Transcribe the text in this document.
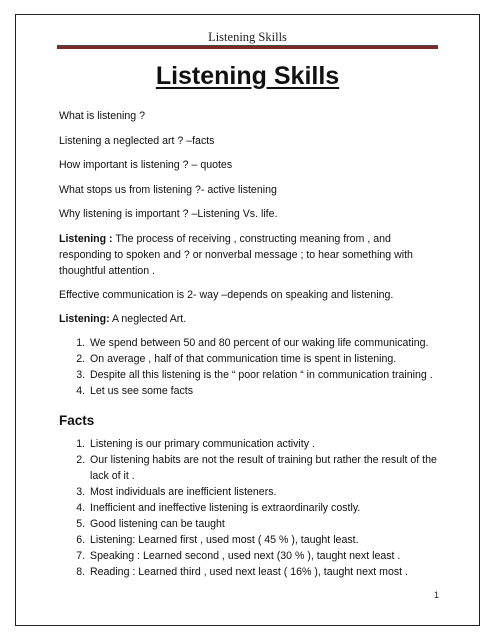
Listening Skills
Listening Skills

What is listening ?

Listening a neglected art ? –facts

How important is listening ? – quotes

What stops us from listening ?- active listening

Why listening is important ? –Listening Vs. life.

Listening : The process of receiving , constructing meaning from , and responding to spoken and ? or nonverbal message ; to hear something with thoughtful attention .

Effective communication is 2- way –depends on speaking and listening.

Listening: A neglected Art.

1. We spend between 50 and 80 percent of our waking life communicating.
2. On average , half of that communication time is spent in listening.
3. Despite all this listening is the “ poor relation “ in communication training .
4. Let us see some facts
Facts
1. Listening is our primary communication activity .
2. Our listening habits are not the result of training but rather the result of the lack of it .
3. Most individuals are inefficient listeners.
4. Inefficient and ineffective listening is extraordinarily costly.
5. Good listening can be taught
6. Listening: Learned first , used most ( 45 % ), taught least.
7. Speaking : Learned second , used next (30 % ), taught next least .
8. Reading : Learned third , used next least ( 16% ), taught next most .
1
